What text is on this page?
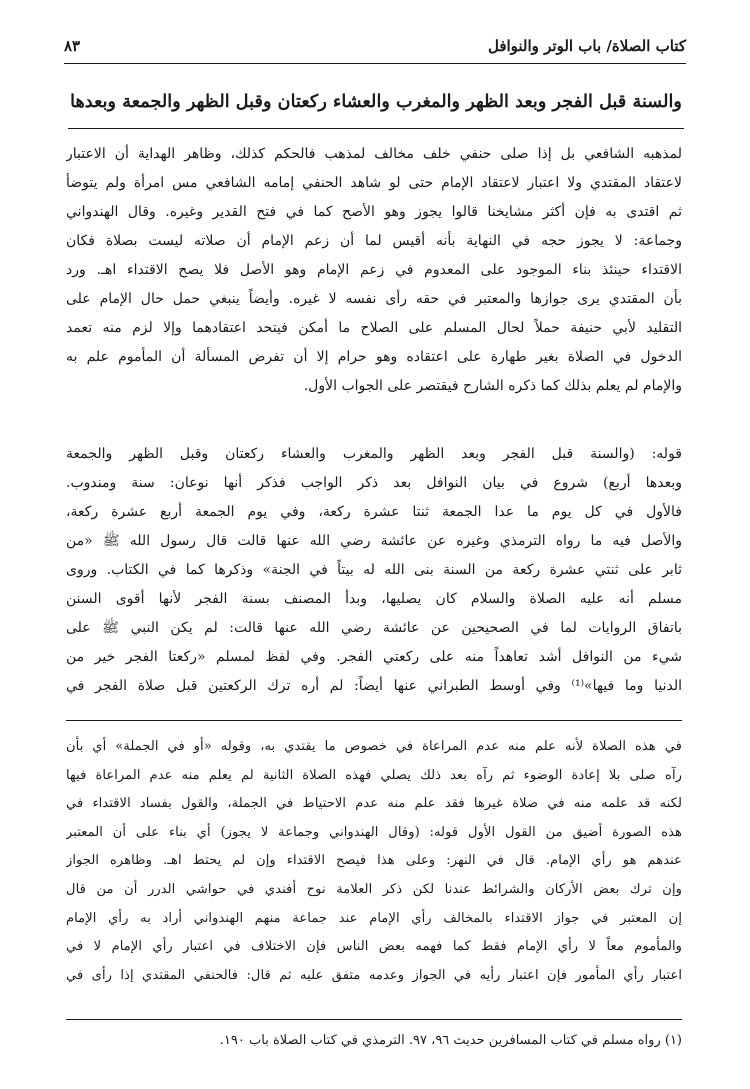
كتاب الصلاة/ باب الوتر والنوافل
٨٣
والسنة قبل الفجر وبعد الظهر والمغرب والعشاء ركعتان وقبل الظهر والجمعة وبعدها
لمذهبه الشافعي بل إذا صلى حنفي خلف مخالف لمذهب فالحكم كذلك، وظاهر الهداية أن الاعتبار
لاعتقاد المقتدي ولا اعتبار لاعتقاد الإمام حتى لو شاهد الحنفي إمامه الشافعي مس امرأة ولم يتوضأ
ثم اقتدى به فإن أكثر مشايخنا قالوا يجوز وهو الأصح كما في فتح القدير وغيره. وقال الهندواني
وجماعة: لا يجوز حجه في النهاية بأنه أقيس لما أن زعم الإمام أن صلاته ليست بصلاة فكان
الاقتداء حينئذ بناء الموجود على المعدوم في زعم الإمام وهو الأصل فلا يصح الاقتداء اهـ. ورد
بأن المقتدي يرى جوازها والمعتبر في حقه رأى نفسه لا غيره. وأيضاً ينبغي حمل حال الإمام على
التقليد لأبي حنيفة حملاً لحال المسلم على الصلاح ما أمكن فيتحد اعتقادهما وإلا لزم منه تعمد
الدخول في الصلاة بغير طهارة على اعتقاده وهو حرام إلا أن تفرض المسألة أن المأموم علم به
والإمام لم يعلم بذلك كما ذكره الشارح فيقتصر على الجواب الأول.
قوله: (والسنة قبل الفجر وبعد الظهر والمغرب والعشاء ركعتان وقبل الظهر والجمعة
وبعدها أربع) شروع في بيان النوافل بعد ذكر الواجب فذكر أنها نوعان: سنة ومندوب.
فالأول في كل يوم ما عدا الجمعة ثنتا عشرة ركعة، وفي يوم الجمعة أربع عشرة ركعة،
والأصل فيه ما رواه الترمذي وغيره عن عائشة رضي الله عنها قالت قال رسول الله ﷺ «من
ثابر على ثنتي عشرة ركعة من السنة بنى الله له بيتاً في الجنة» وذكرها كما في الكتاب. وروى
مسلم أنه عليه الصلاة والسلام كان يصليها، وبدأ المصنف بسنة الفجر لأنها أقوى السنن
باتفاق الروايات لما في الصحيحين عن عائشة رضي الله عنها قالت: لم يكن النبي ﷺ على
شيء من النوافل أشد تعاهداً منه على ركعتي الفجر. وفي لفظ لمسلم «ركعتا الفجر خير من
الدنيا وما فيها»⁽¹⁾ وفي أوسط الطبراني عنها أيضاً: لم أره ترك الركعتين قبل صلاة الفجر في
في هذه الصلاة لأنه علم منه عدم المراعاة في خصوص ما يقتدي به، وقوله «أو في الجملة» أي بأن
رآه صلى بلا إعادة الوضوء ثم رآه بعد ذلك يصلي فهذه الصلاة الثانية لم يعلم منه عدم المراعاة فيها
لكنه قد علمه منه في صلاة غيرها فقد علم منه عدم الاحتياط في الجملة، والقول بفساد الاقتداء في
هذه الصورة أضيق من القول الأول قوله: (وقال الهندواني وجماعة لا يجوز) أي بناء على أن المعتبر
عندهم هو رأي الإمام. قال في النهر: وعلى هذا فيصح الاقتداء وإن لم يحتط اهـ. وظاهره الجواز
وإن ترك بعض الأركان والشرائط عندنا لكن ذكر العلامة نوح أفندي في حواشي الدرر أن من قال
إن المعتبر في جواز الاقتداء بالمخالف رأي الإمام عند جماعة منهم الهندواني أراد به رأي الإمام
والمأموم معاً لا رأي الإمام فقط كما فهمه بعض الناس فإن الاختلاف في اعتبار رأي الإمام لا في
اعتبار رأي المأمور فإن اعتبار رأيه في الجواز وعدمه متفق عليه ثم قال: فالحنفي المقتدي إذا رأى في
(١) رواه مسلم في كتاب المسافرين حديث ٩٦، ٩٧. الترمذي في كتاب الصلاة باب ١٩٠.
